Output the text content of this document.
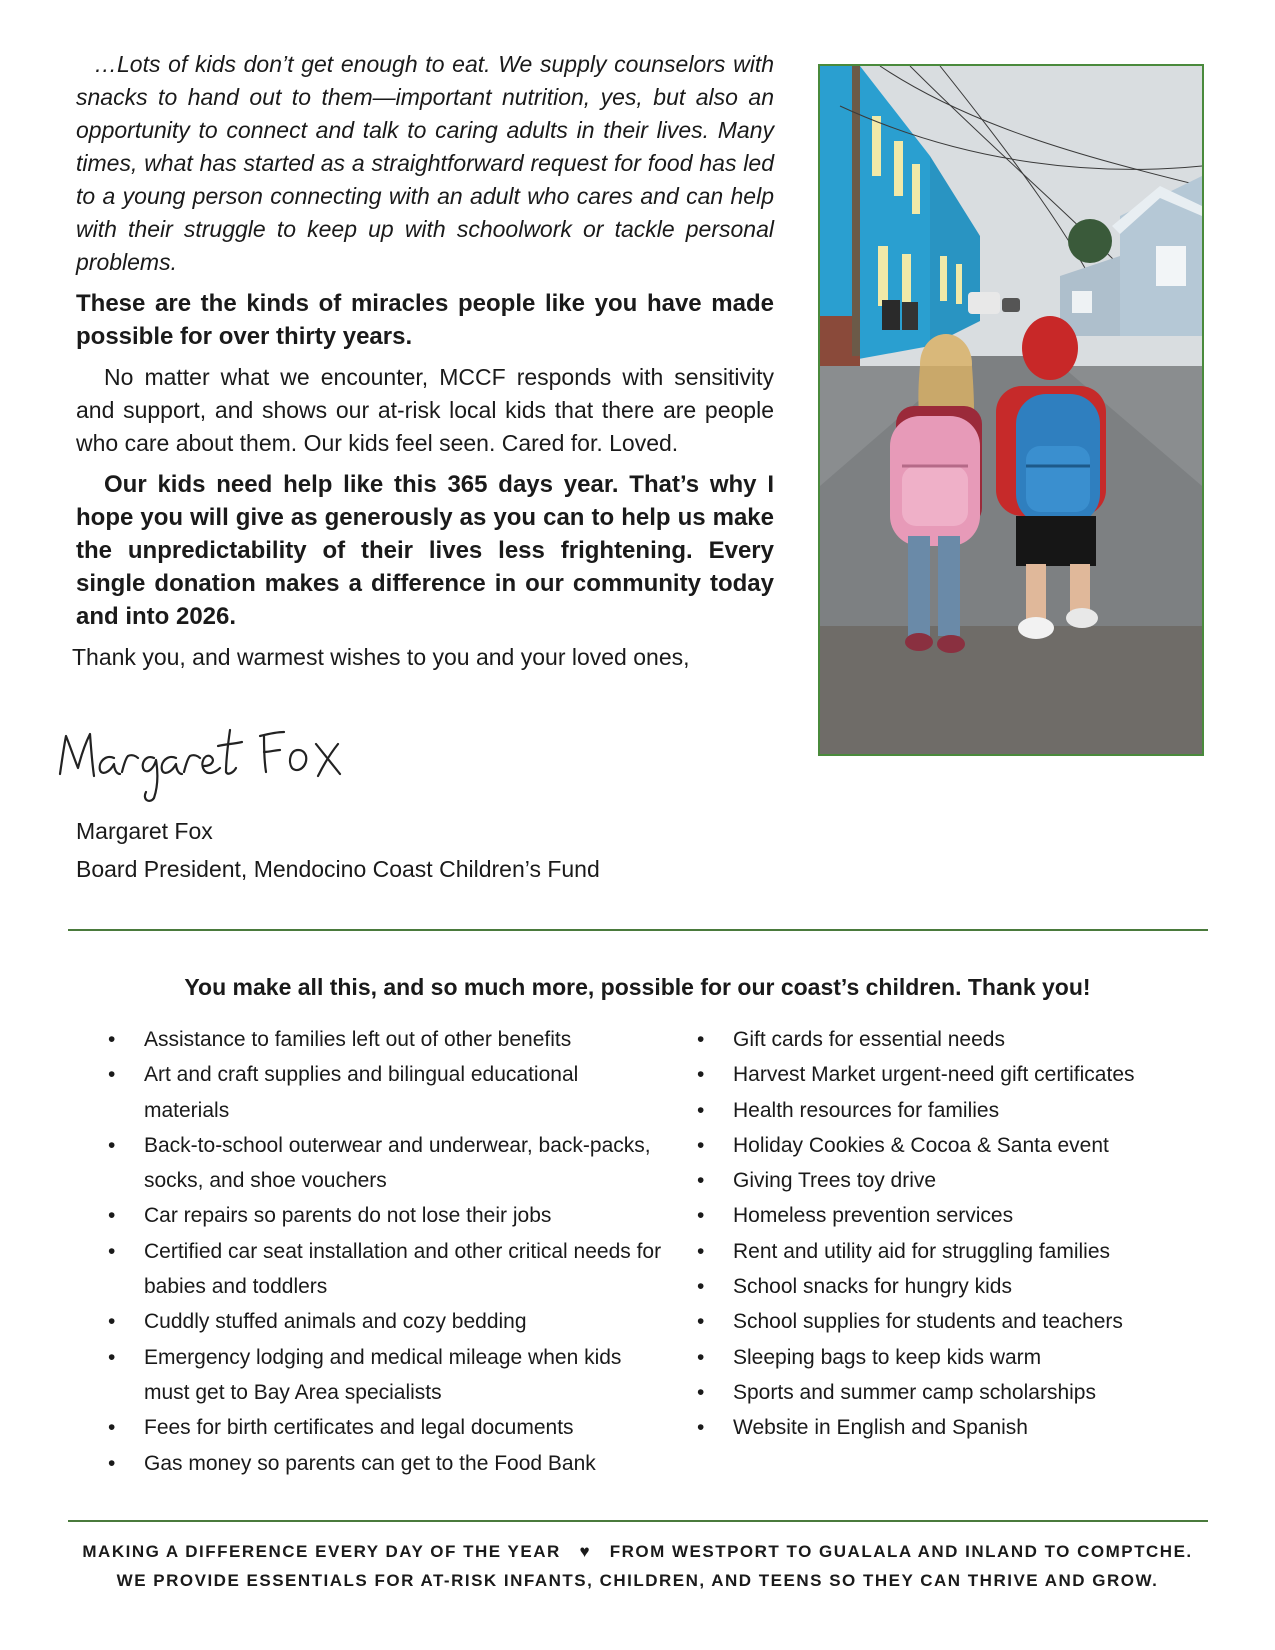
…Lots of kids don’t get enough to eat. We supply counselors with snacks to hand out to them—important nutrition, yes, but also an opportunity to connect and talk to caring adults in their lives. Many times, what has started as a straightforward request for food has led to a young person connecting with an adult who cares and can help with their struggle to keep up with schoolwork or tackle personal problems.

These are the kinds of miracles people like you have made possible for over thirty years.

No matter what we encounter, MCCF responds with sensitivity and support, and shows our at-risk local kids that there are people who care about them. Our kids feel seen. Cared for. Loved.

Our kids need help like this 365 days year. That’s why I hope you will give as generously as you can to help us make the unpredictability of their lives less frightening. Every single donation makes a difference in our community today and into 2026.

Thank you, and warmest wishes to you and your loved ones,

Margaret Fox
Board President, Mendocino Coast Children’s Fund
You make all this, and so much more, possible for our coast’s children. Thank you!
• Assistance to families left out of other benefits
• Art and craft supplies and bilingual educational materials
• Back-to-school outerwear and underwear, back-packs, socks, and shoe vouchers
• Car repairs so parents do not lose their jobs
• Certified car seat installation and other critical needs for babies and toddlers
• Cuddly stuffed animals and cozy bedding
• Emergency lodging and medical mileage when kids must get to Bay Area specialists
• Fees for birth certificates and legal documents
• Gas money so parents can get to the Food Bank
• Gift cards for essential needs
• Harvest Market urgent-need gift certificates
• Health resources for families
• Holiday Cookies & Cocoa & Santa event
• Giving Trees toy drive
• Homeless prevention services
• Rent and utility aid for struggling families
• School snacks for hungry kids
• School supplies for students and teachers
• Sleeping bags to keep kids warm
• Sports and summer camp scholarships
• Website in English and Spanish
MAKING A DIFFERENCE EVERY DAY OF THE YEAR ♥ FROM WESTPORT TO GUALALA AND INLAND TO COMPTCHE.
WE PROVIDE ESSENTIALS FOR AT-RISK INFANTS, CHILDREN, AND TEENS SO THEY CAN THRIVE AND GROW.
